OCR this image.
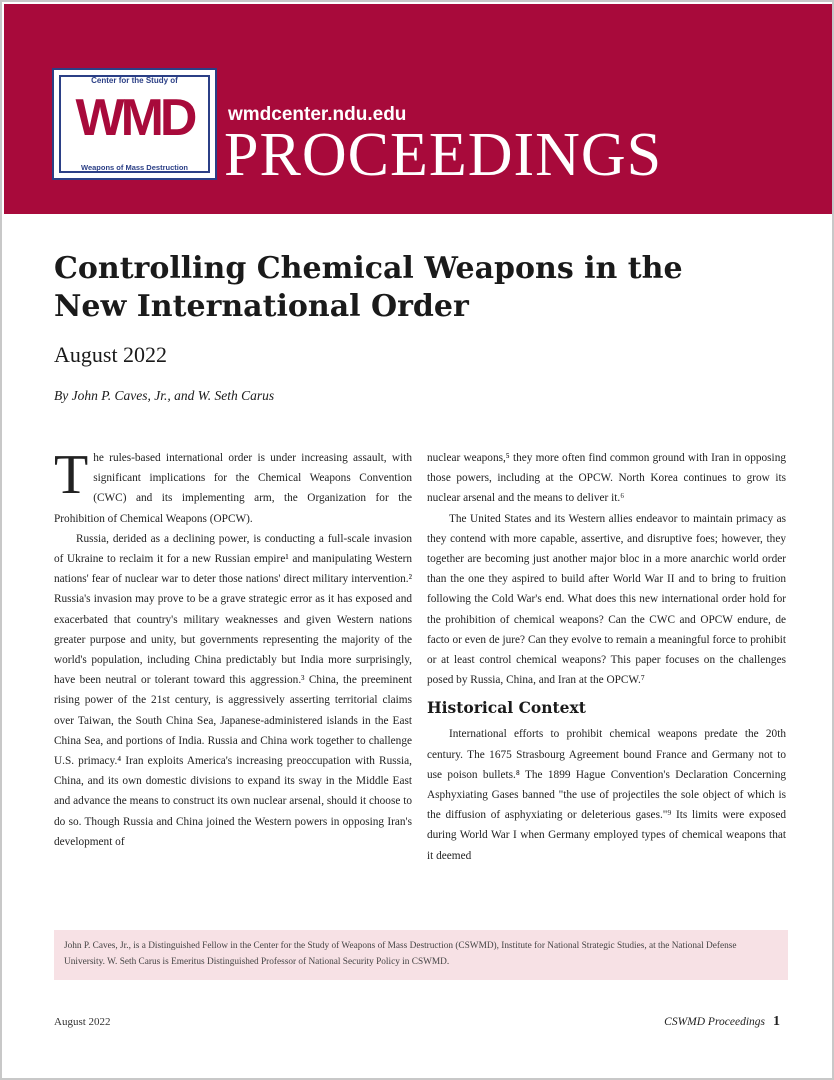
Center for the Study of
WMD
Weapons of Mass Destruction
wmdcenter.ndu.edu
PROCEEDINGS
Controlling Chemical Weapons in the New International Order
August 2022
By John P. Caves, Jr., and W. Seth Carus

The rules-based international order is under increasing assault, with significant implications for the Chemical Weapons Convention (CWC) and its implementing arm, the Organization for the Prohibition of Chemical Weapons (OPCW).

Russia, derided as a declining power, is conducting a full-scale invasion of Ukraine to reclaim it for a new Russian empire¹ and manipulating Western nations' fear of nuclear war to deter those nations' direct military intervention.² Russia's invasion may prove to be a grave strategic error as it has exposed and exacerbated that country's military weaknesses and given Western nations greater purpose and unity, but governments representing the majority of the world's population, including China predictably but India more surprisingly, have been neutral or tolerant toward this aggression.³ China, the preeminent rising power of the 21st century, is aggressively asserting territorial claims over Taiwan, the South China Sea, Japanese-administered islands in the East China Sea, and portions of India. Russia and China work together to challenge U.S. primacy.⁴ Iran exploits America's increasing preoccupation with Russia, China, and its own domestic divisions to expand its sway in the Middle East and advance the means to construct its own nuclear arsenal, should it choose to do so. Though Russia and China joined the Western powers in opposing Iran's development of

nuclear weapons,⁵ they more often find common ground with Iran in opposing those powers, including at the OPCW. North Korea continues to grow its nuclear arsenal and the means to deliver it.⁶

The United States and its Western allies endeavor to maintain primacy as they contend with more capable, assertive, and disruptive foes; however, they together are becoming just another major bloc in a more anarchic world order than the one they aspired to build after World War II and to bring to fruition following the Cold War's end. What does this new international order hold for the prohibition of chemical weapons? Can the CWC and OPCW endure, de facto or even de jure? Can they evolve to remain a meaningful force to prohibit or at least control chemical weapons? This paper focuses on the challenges posed by Russia, China, and Iran at the OPCW.⁷

Historical Context

International efforts to prohibit chemical weapons predate the 20th century. The 1675 Strasbourg Agreement bound France and Germany not to use poison bullets.⁸ The 1899 Hague Convention's Declaration Concerning Asphyxiating Gases banned "the use of projectiles the sole object of which is the diffusion of asphyxiating or deleterious gases."⁹ Its limits were exposed during World War I when Germany employed types of chemical weapons that it deemed

John P. Caves, Jr., is a Distinguished Fellow in the Center for the Study of Weapons of Mass Destruction (CSWMD), Institute for National Strategic Studies, at the National Defense University. W. Seth Carus is Emeritus Distinguished Professor of National Security Policy in CSWMD.
August 2022	CSWMD Proceedings 1
